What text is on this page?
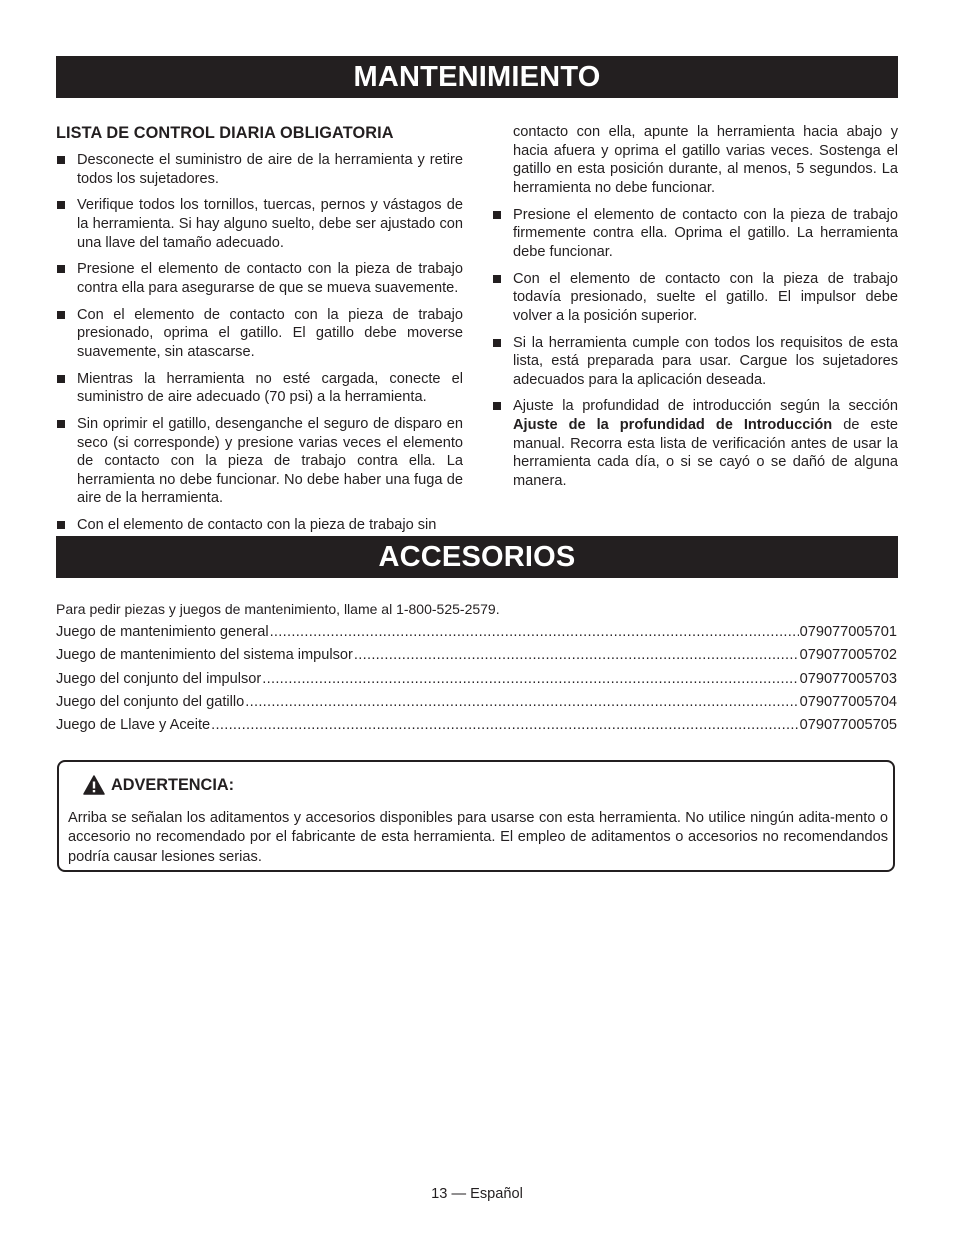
MANTENIMIENTO
LISTA DE CONTROL DIARIA OBLIGATORIA
Desconecte el suministro de aire de la herramienta y retire todos los sujetadores.
Verifique todos los tornillos, tuercas, pernos y vástagos de la herramienta. Si hay alguno suelto, debe ser ajustado con una llave del tamaño adecuado.
Presione el elemento de contacto con la pieza de trabajo contra ella para asegurarse de que se mueva suavemente.
Con el elemento de contacto con la pieza de trabajo presionado, oprima el gatillo. El gatillo debe moverse suavemente, sin atascarse.
Mientras la herramienta no esté cargada, conecte el suministro de aire adecuado (70 psi) a la herramienta.
Sin oprimir el gatillo, desenganche el seguro de disparo en seco (si corresponde) y presione varias veces el elemento de contacto con la pieza de trabajo contra ella. La herramienta no debe funcionar. No debe haber una fuga de aire de la herramienta.
Con el elemento de contacto con la pieza de trabajo sin
contacto con ella, apunte la herramienta hacia abajo y hacia afuera y oprima el gatillo varias veces. Sostenga el gatillo en esta posición durante, al menos, 5 segundos. La herramienta no debe funcionar.
Presione el elemento de contacto con la pieza de trabajo firmemente contra ella. Oprima el gatillo. La herramienta debe funcionar.
Con el elemento de contacto con la pieza de trabajo todavía presionado, suelte el gatillo. El impulsor debe volver a la posición superior.
Si la herramienta cumple con todos los requisitos de esta lista, está preparada para usar. Cargue los sujetadores adecuados para la aplicación deseada.
Ajuste la profundidad de introducción según la sección Ajuste de la profundidad de Introducción de este manual. Recorra esta lista de verificación antes de usar la herramienta cada día, o si se cayó o se dañó de alguna manera.
ACCESORIOS
Para pedir piezas y juegos de mantenimiento, llame al 1-800-525-2579.
Juego de mantenimiento general .....	079077005701
Juego de mantenimiento del sistema impulsor .....	079077005702
Juego del conjunto del impulsor .....	079077005703
Juego del conjunto del gatillo .....	079077005704
Juego de Llave y Aceite .....	079077005705
ADVERTENCIA:
Arriba se señalan los aditamentos y accesorios disponibles para usarse con esta herramienta. No utilice ningún adita-mento o accesorio no recomendado por el fabricante de esta herramienta. El empleo de aditamentos o accesorios no recomendandos podría causar lesiones serias.
13 — Español
